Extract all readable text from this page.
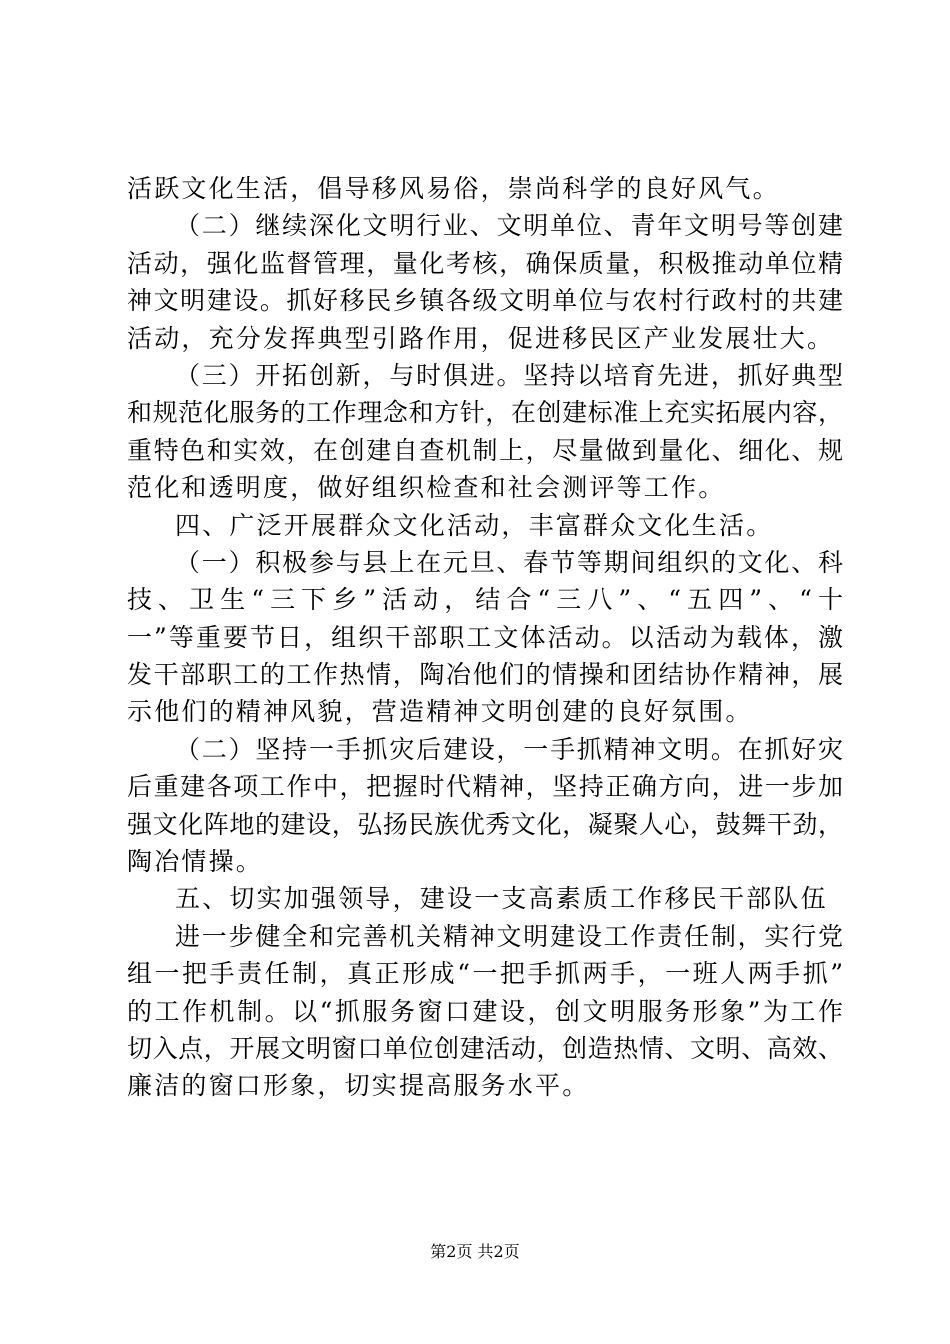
活跃文化生活，倡导移风易俗，崇尚科学的良好风气。
（二）继续深化文明行业、文明单位、青年文明号等创建
活动，强化监督管理，量化考核，确保质量，积极推动单位精
神文明建设。抓好移民乡镇各级文明单位与农村行政村的共建
活动，充分发挥典型引路作用，促进移民区产业发展壮大。
（三）开拓创新，与时俱进。坚持以培育先进，抓好典型
和规范化服务的工作理念和方针，在创建标准上充实拓展内容，
重特色和实效，在创建自查机制上，尽量做到量化、细化、规
范化和透明度，做好组织检查和社会测评等工作。
四、广泛开展群众文化活动，丰富群众文化生活。
（一）积极参与县上在元旦、春节等期间组织的文化、科
技、卫生“三下乡”活动，结合“三八”、“五四”、“十
一”等重要节日，组织干部职工文体活动。以活动为载体，激
发干部职工的工作热情，陶冶他们的情操和团结协作精神，展
示他们的精神风貌，营造精神文明创建的良好氛围。
（二）坚持一手抓灾后建设，一手抓精神文明。在抓好灾
后重建各项工作中，把握时代精神，坚持正确方向，进一步加
强文化阵地的建设，弘扬民族优秀文化，凝聚人心，鼓舞干劲，
陶冶情操。
五、切实加强领导，建设一支高素质工作移民干部队伍
进一步健全和完善机关精神文明建设工作责任制，实行党
组一把手责任制，真正形成“一把手抓两手，一班人两手抓”
的工作机制。以“抓服务窗口建设，创文明服务形象”为工作
切入点，开展文明窗口单位创建活动，创造热情、文明、高效、
廉洁的窗口形象，切实提高服务水平。
第2页 共2页
